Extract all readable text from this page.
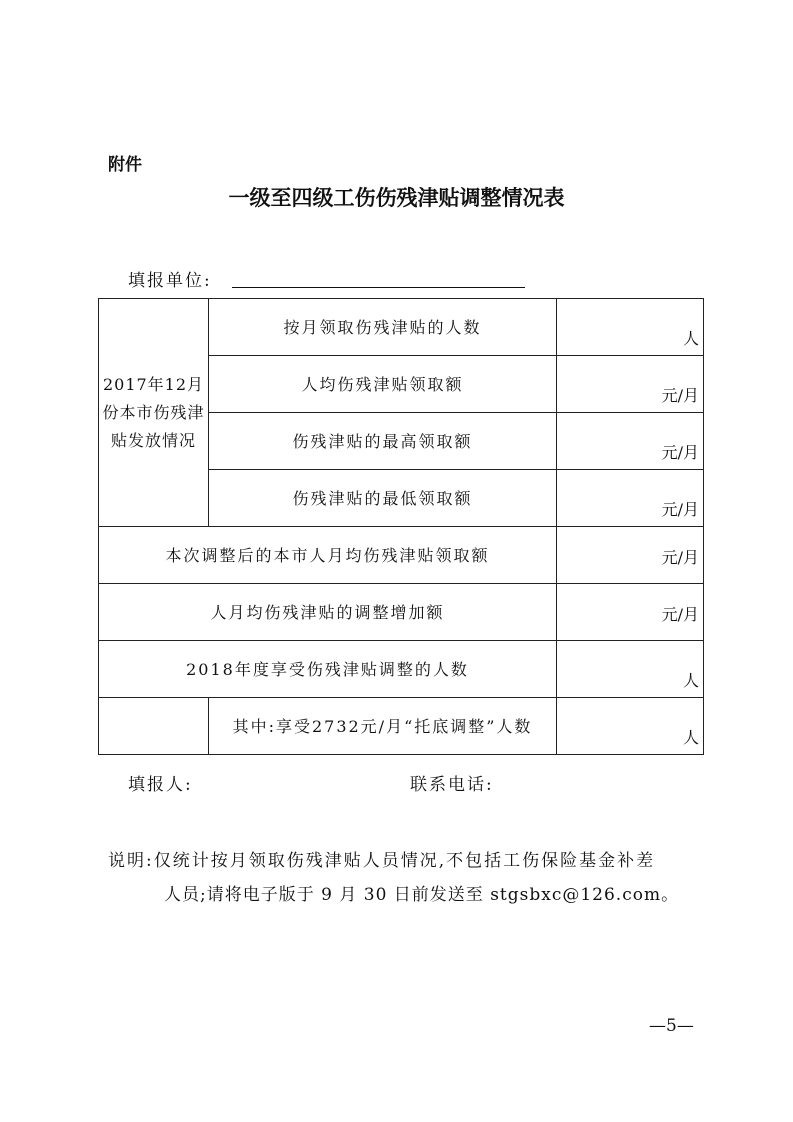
附件
一级至四级工伤伤残津贴调整情况表
填报单位:
2017年12月份本市伤残津贴发放情况	按月领取伤残津贴的人数	人

	人均伤残津贴领取额	元/月

	伤残津贴的最高领取额	元/月

	伤残津贴的最低领取额	元/月

本次调整后的本市人月均伤残津贴领取额		元/月

人月均伤残津贴的调整增加额		元/月

2018年度享受伤残津贴调整的人数		人

	其中:享受2732元/月“托底调整”人数	人
填报人:	联系电话:
说明:仅统计按月领取伤残津贴人员情况,不包括工伤保险基金补差
人员;请将电子版于 9 月 30 日前发送至 stgsbxc@126.com。
—5—
